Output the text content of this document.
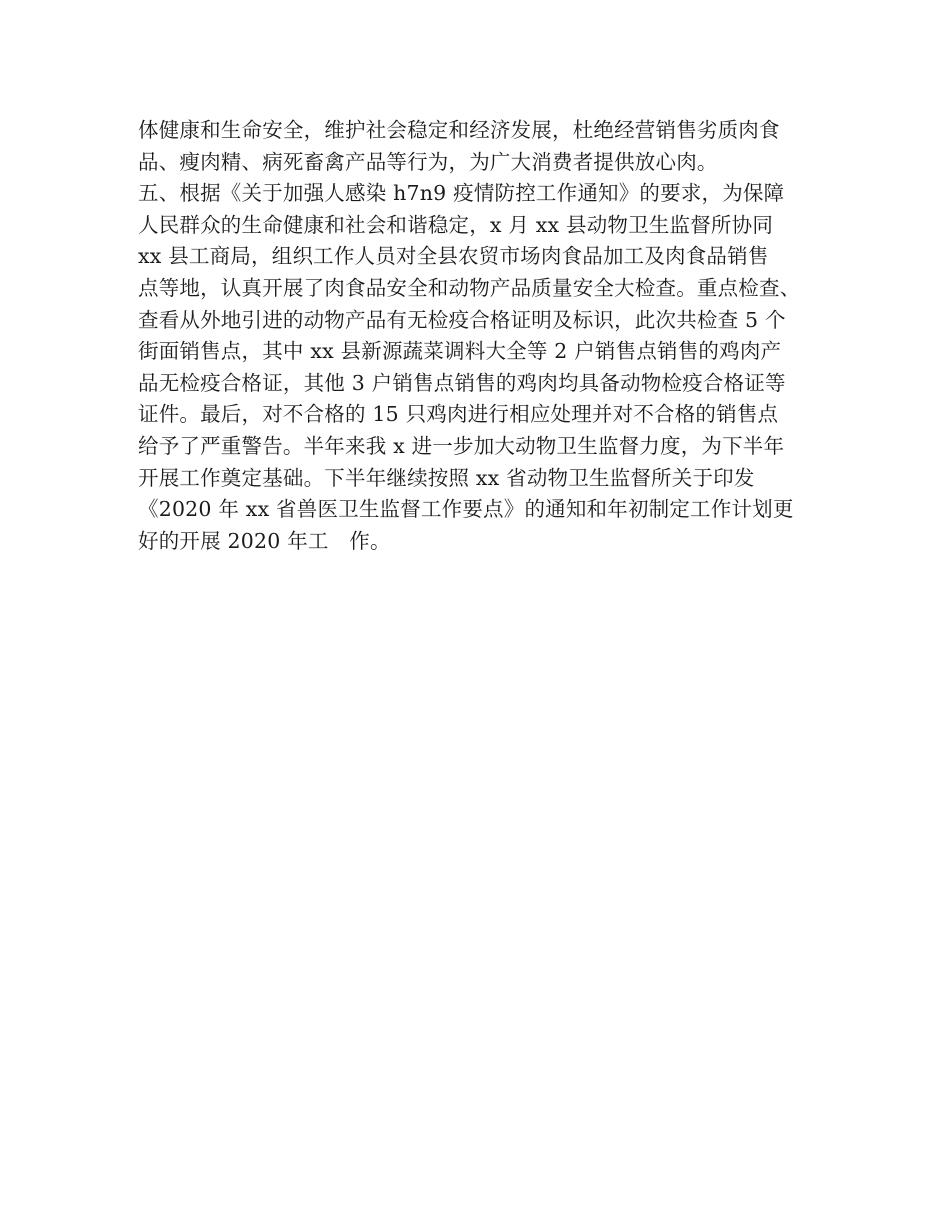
体健康和生命安全，维护社会稳定和经济发展，杜绝经营销售劣质肉食
品、瘦肉精、病死畜禽产品等行为，为广大消费者提供放心肉。
五、根据《关于加强人感染 h7n9 疫情防控工作通知》的要求，为保障
人民群众的生命健康和社会和谐稳定，x 月 xx 县动物卫生监督所协同
xx 县工商局，组织工作人员对全县农贸市场肉食品加工及肉食品销售
点等地，认真开展了肉食品安全和动物产品质量安全大检查。重点检查、
查看从外地引进的动物产品有无检疫合格证明及标识，此次共检查 5 个
街面销售点，其中 xx 县新源蔬菜调料大全等 2 户销售点销售的鸡肉产
品无检疫合格证，其他 3 户销售点销售的鸡肉均具备动物检疫合格证等
证件。最后，对不合格的 15 只鸡肉进行相应处理并对不合格的销售点
给予了严重警告。半年来我 x 进一步加大动物卫生监督力度，为下半年
开展工作奠定基础。下半年继续按照 xx 省动物卫生监督所关于印发
《2020 年 xx 省兽医卫生监督工作要点》的通知和年初制定工作计划更
好的开展 2020 年工　作。
